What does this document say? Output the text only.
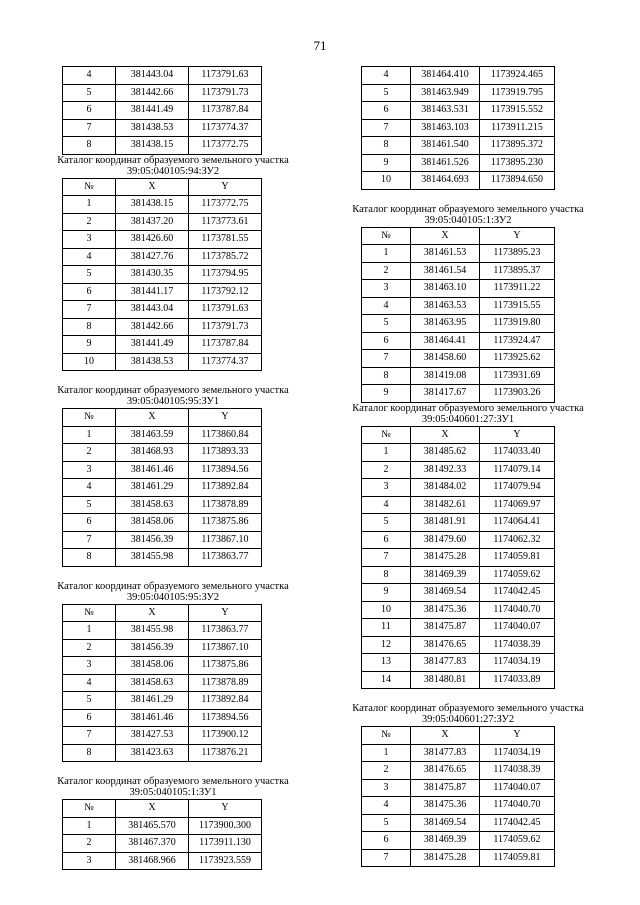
71
4	381443.04	1173791.63
5	381442.66	1173791.73
6	381441.49	1173787.84
7	381438.53	1173774.37
8	381438.15	1173772.75
Каталог координат образуемого земельного участка
39:05:040105:94:ЗУ2
№	X	Y
1	381438.15	1173772.75
2	381437.20	1173773.61
3	381426.60	1173781.55
4	381427.76	1173785.72
5	381430.35	1173794.95
6	381441.17	1173792.12
7	381443.04	1173791.63
8	381442.66	1173791.73
9	381441.49	1173787.84
10	381438.53	1173774.37
Каталог координат образуемого земельного участка
39:05:040105:95:ЗУ1
№	X	Y
1	381463.59	1173860.84
2	381468.93	1173893.33
3	381461.46	1173894.56
4	381461.29	1173892.84
5	381458.63	1173878.89
6	381458.06	1173875.86
7	381456.39	1173867.10
8	381455.98	1173863.77
Каталог координат образуемого земельного участка
39:05:040105:95:ЗУ2
№	X	Y
1	381455.98	1173863.77
2	381456.39	1173867.10
3	381458.06	1173875.86
4	381458.63	1173878.89
5	381461.29	1173892.84
6	381461.46	1173894.56
7	381427.53	1173900.12
8	381423.63	1173876.21
Каталог координат образуемого земельного участка
39:05:040105:1:ЗУ1
№	X	Y
1	381465.570	1173900.300
2	381467.370	1173911.130
3	381468.966	1173923.559
4	381464.410	1173924.465
5	381463.949	1173919.795
6	381463.531	1173915.552
7	381463.103	1173911.215
8	381461.540	1173895.372
9	381461.526	1173895.230
10	381464.693	1173894.650
Каталог координат образуемого земельного участка
39:05:040105:1:ЗУ2
№	X	Y
1	381461.53	1173895.23
2	381461.54	1173895.37
3	381463.10	1173911.22
4	381463.53	1173915.55
5	381463.95	1173919.80
6	381464.41	1173924.47
7	381458.60	1173925.62
8	381419.08	1173931.69
9	381417.67	1173903.26
Каталог координат образуемого земельного участка
39:05:040601:27:ЗУ1
№	X	Y
1	381485.62	1174033.40
2	381492.33	1174079.14
3	381484.02	1174079.94
4	381482.61	1174069.97
5	381481.91	1174064.41
6	381479.60	1174062.32
7	381475.28	1174059.81
8	381469.39	1174059.62
9	381469.54	1174042.45
10	381475.36	1174040.70
11	381475.87	1174040.07
12	381476.65	1174038.39
13	381477.83	1174034.19
14	381480.81	1174033.89
Каталог координат образуемого земельного участка
39:05:040601:27:ЗУ2
№	X	Y
1	381477.83	1174034.19
2	381476.65	1174038.39
3	381475.87	1174040.07
4	381475.36	1174040.70
5	381469.54	1174042.45
6	381469.39	1174059.62
7	381475.28	1174059.81
